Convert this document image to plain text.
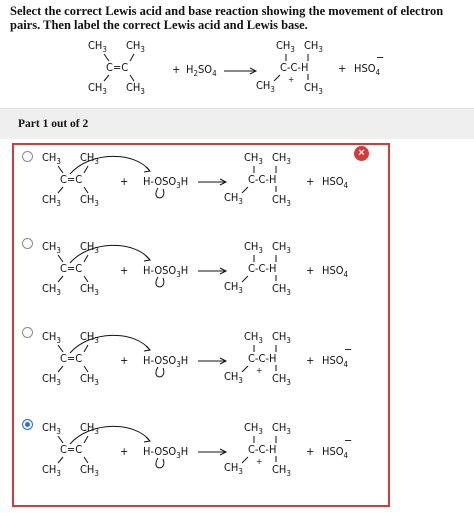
Select the correct Lewis acid and base reaction showing the movement of electron pairs. Then label the correct Lewis acid and Lewis base.
$CH_3$ $CH_3$
$CH_3$ $CH_3$
C=C	+ $H_2SO_4$
$CH_3$ $CH_3$
C-C-H
$CH_3$	$CH_3$
+
+ $HSO_4$
−
Part 1 out of 2
×
$CH_3$ $CH_3$
$CH_3$ $CH_3$
C=C	+ $H-OSO_3H$
$CH_3$ $CH_3$
C-C-H
$CH_3$	$CH_3$
+ $HSO_4$
$CH_3$ $CH_3$
$CH_3$ $CH_3$
C=C	+ $H-OSO_3H$
$CH_3$ $CH_3$
C-C-H
$CH_3$	$CH_3$
+ $HSO_4$
$CH_3$ $CH_3$
$CH_3$ $CH_3$
C=C	+ $H-OSO_3H$
$CH_3$ $CH_3$
C-C-H
$CH_3$	$CH_3$
+
+ $HSO_4$
−
$CH_3$ $CH_3$
$CH_3$ $CH_3$
C=C	+ $H-OSO_3H$
$CH_3$ $CH_3$
C-C-H
$CH_3$	$CH_3$
+
+ $HSO_4$
−
